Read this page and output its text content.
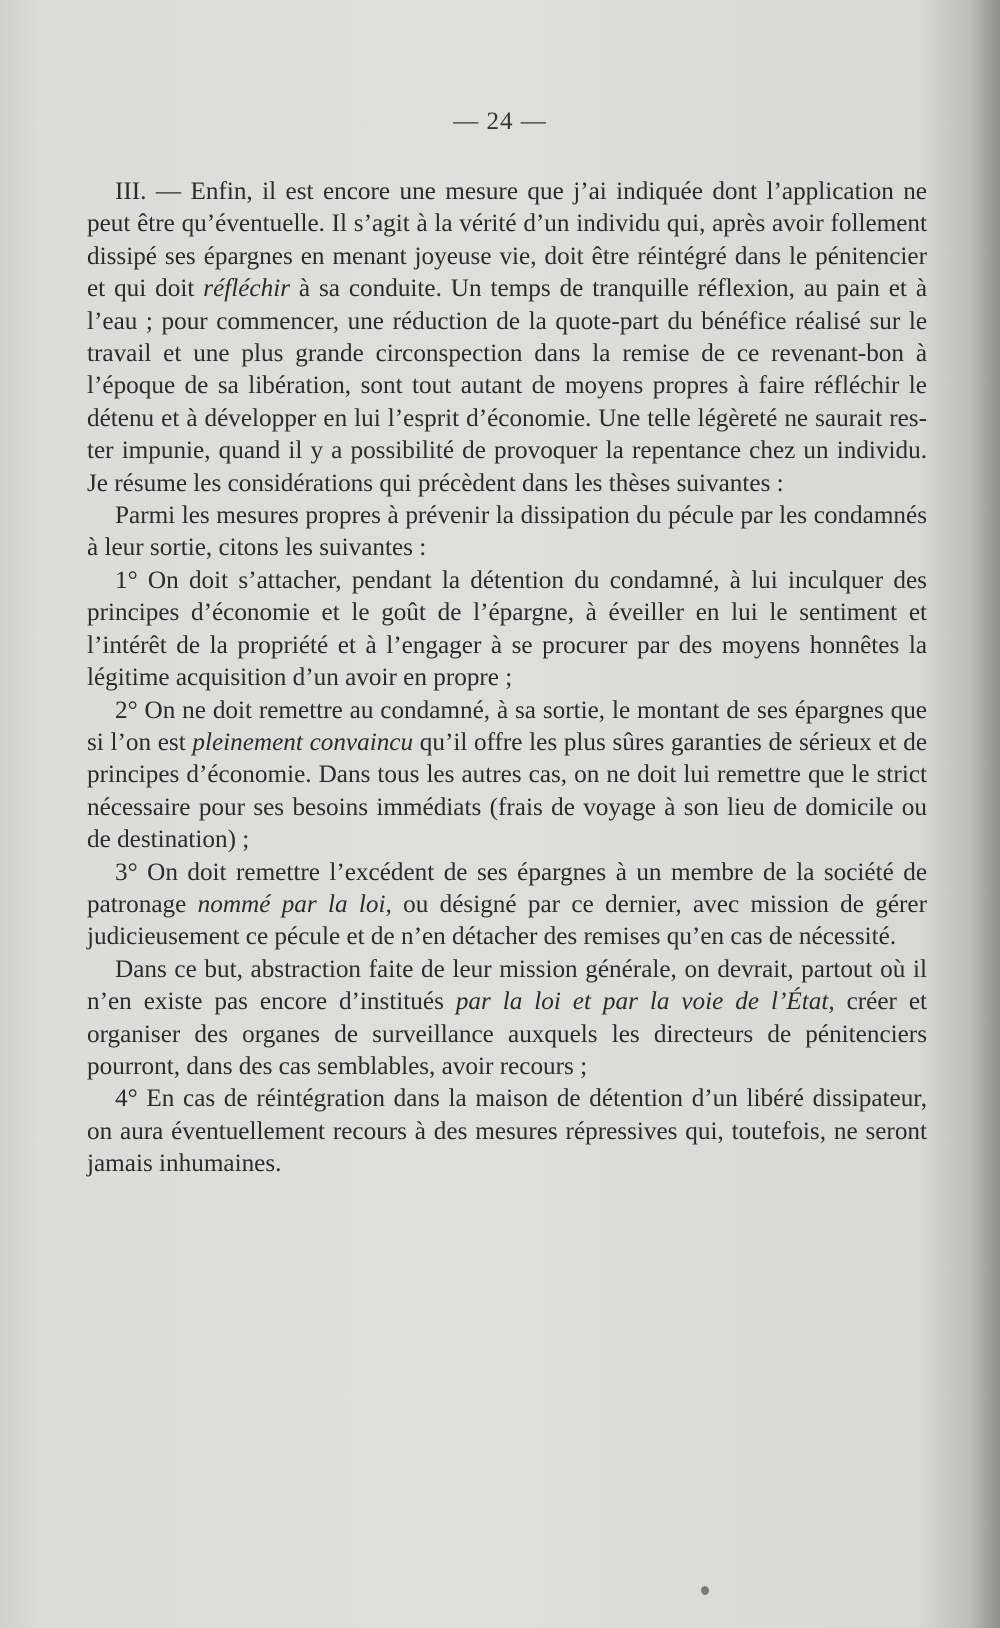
— 24 —

III. — Enfin, il est encore une mesure que j’ai indiquée dont l’application ne peut être qu’éventuelle. Il s’agit à la vérité d’un individu qui, après avoir follement dissipé ses épargnes en menant joyeuse vie, doit être réintégré dans le pénitencier et qui doit réfléchir à sa conduite. Un temps de tranquille réflexion, au pain et à l’eau ; pour commencer, une réduction de la quote-part du bénéfice réalisé sur le travail et une plus grande circonspection dans la remise de ce revenant-bon à l’époque de sa libération, sont tout autant de moyens propres à faire réfléchir le détenu et à développer en lui l’esprit d’économie. Une telle légèreté ne saurait rester impunie, quand il y a possibilité de provoquer la repentance chez un individu. Je résume les considérations qui précèdent dans les thèses suivantes :

Parmi les mesures propres à prévenir la dissipation du pécule par les condamnés à leur sortie, citons les suivantes :

1° On doit s’attacher, pendant la détention du condamné, à lui inculquer des principes d’économie et le goût de l’épargne, à éveiller en lui le sentiment et l’intérêt de la propriété et à l’engager à se procurer par des moyens honnêtes la légitime acquisition d’un avoir en propre ;

2° On ne doit remettre au condamné, à sa sortie, le montant de ses épargnes que si l’on est pleinement convaincu qu’il offre les plus sûres garanties de sérieux et de principes d’économie. Dans tous les autres cas, on ne doit lui remettre que le strict nécessaire pour ses besoins immédiats (frais de voyage à son lieu de domicile ou de destination) ;

3° On doit remettre l’excédent de ses épargnes à un membre de la société de patronage nommé par la loi, ou désigné par ce dernier, avec mission de gérer judicieusement ce pécule et de n’en détacher des remises qu’en cas de nécessité.

Dans ce but, abstraction faite de leur mission générale, on devrait, partout où il n’en existe pas encore d’institués par la loi et par la voie de l’État, créer et organiser des organes de surveillance auxquels les directeurs de pénitenciers pourront, dans des cas semblables, avoir recours ;

4° En cas de réintégration dans la maison de détention d’un libéré dissipateur, on aura éventuellement recours à des mesures répressives qui, toutefois, ne seront jamais inhumaines.
